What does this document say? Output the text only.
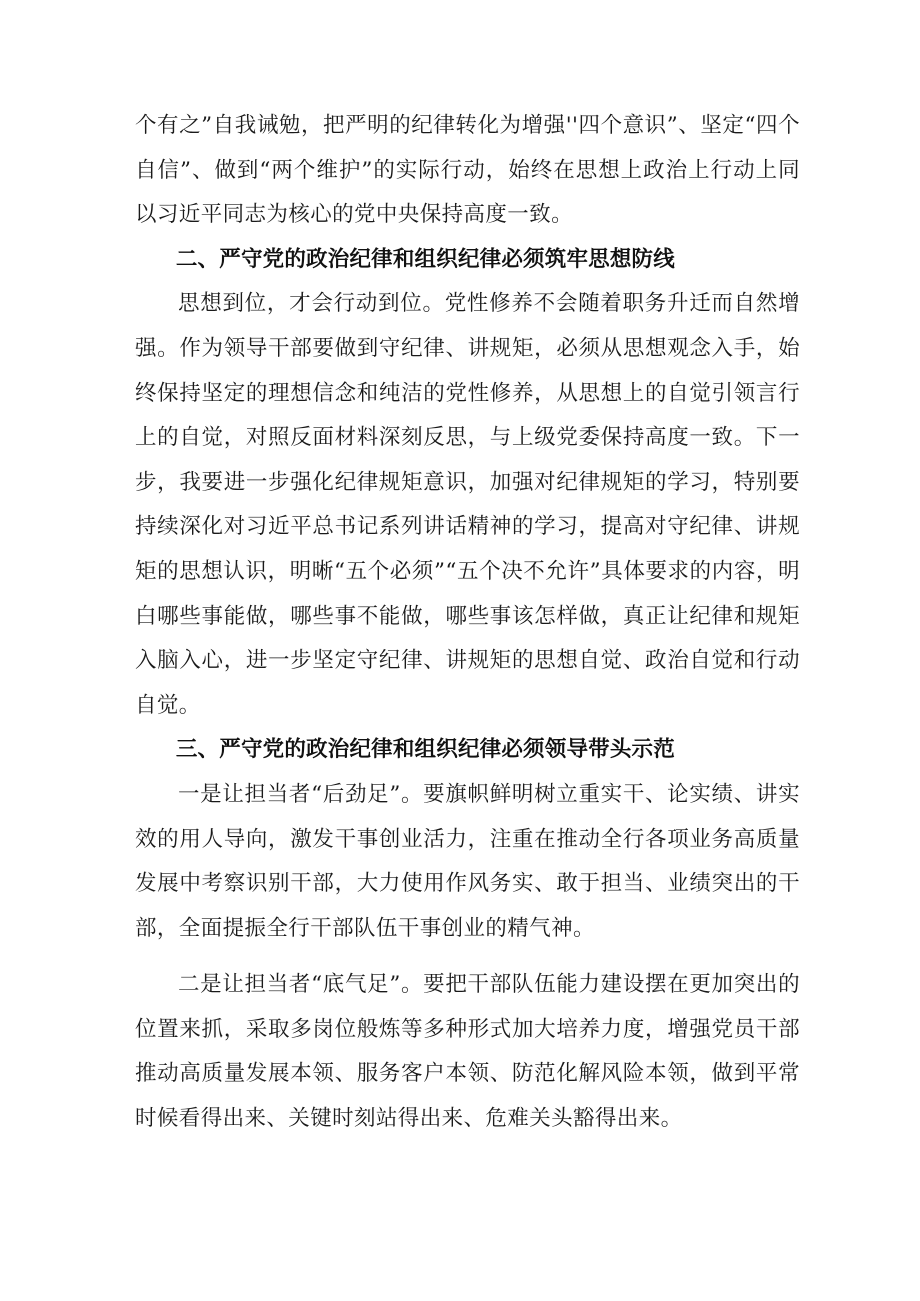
个有之”自我诫勉，把严明的纪律转化为增强''四个意识”、坚定“四个自信”、做到“两个维护”的实际行动，始终在思想上政治上行动上同以习近平同志为核心的党中央保持高度一致。

二、严守党的政治纪律和组织纪律必须筑牢思想防线

思想到位，才会行动到位。党性修养不会随着职务升迁而自然增强。作为领导干部要做到守纪律、讲规矩，必须从思想观念入手，始终保持坚定的理想信念和纯洁的党性修养，从思想上的自觉引领言行上的自觉，对照反面材料深刻反思，与上级党委保持高度一致。下一步，我要进一步强化纪律规矩意识，加强对纪律规矩的学习，特别要持续深化对习近平总书记系列讲话精神的学习，提高对守纪律、讲规矩的思想认识，明晰“五个必须”“五个决不允许”具体要求的内容，明白哪些事能做，哪些事不能做，哪些事该怎样做，真正让纪律和规矩入脑入心，进一步坚定守纪律、讲规矩的思想自觉、政治自觉和行动自觉。

三、严守党的政治纪律和组织纪律必须领导带头示范

一是让担当者“后劲足”。要旗帜鲜明树立重实干、论实绩、讲实效的用人导向，激发干事创业活力，注重在推动全行各项业务高质量发展中考察识别干部，大力使用作风务实、敢于担当、业绩突出的干部，全面提振全行干部队伍干事创业的精气神。

二是让担当者“底气足”。要把干部队伍能力建设摆在更加突出的位置来抓，采取多岗位般炼等多种形式加大培养力度，增强党员干部推动高质量发展本领、服务客户本领、防范化解风险本领，做到平常时候看得出来、关键时刻站得出来、危难关头豁得出来。
